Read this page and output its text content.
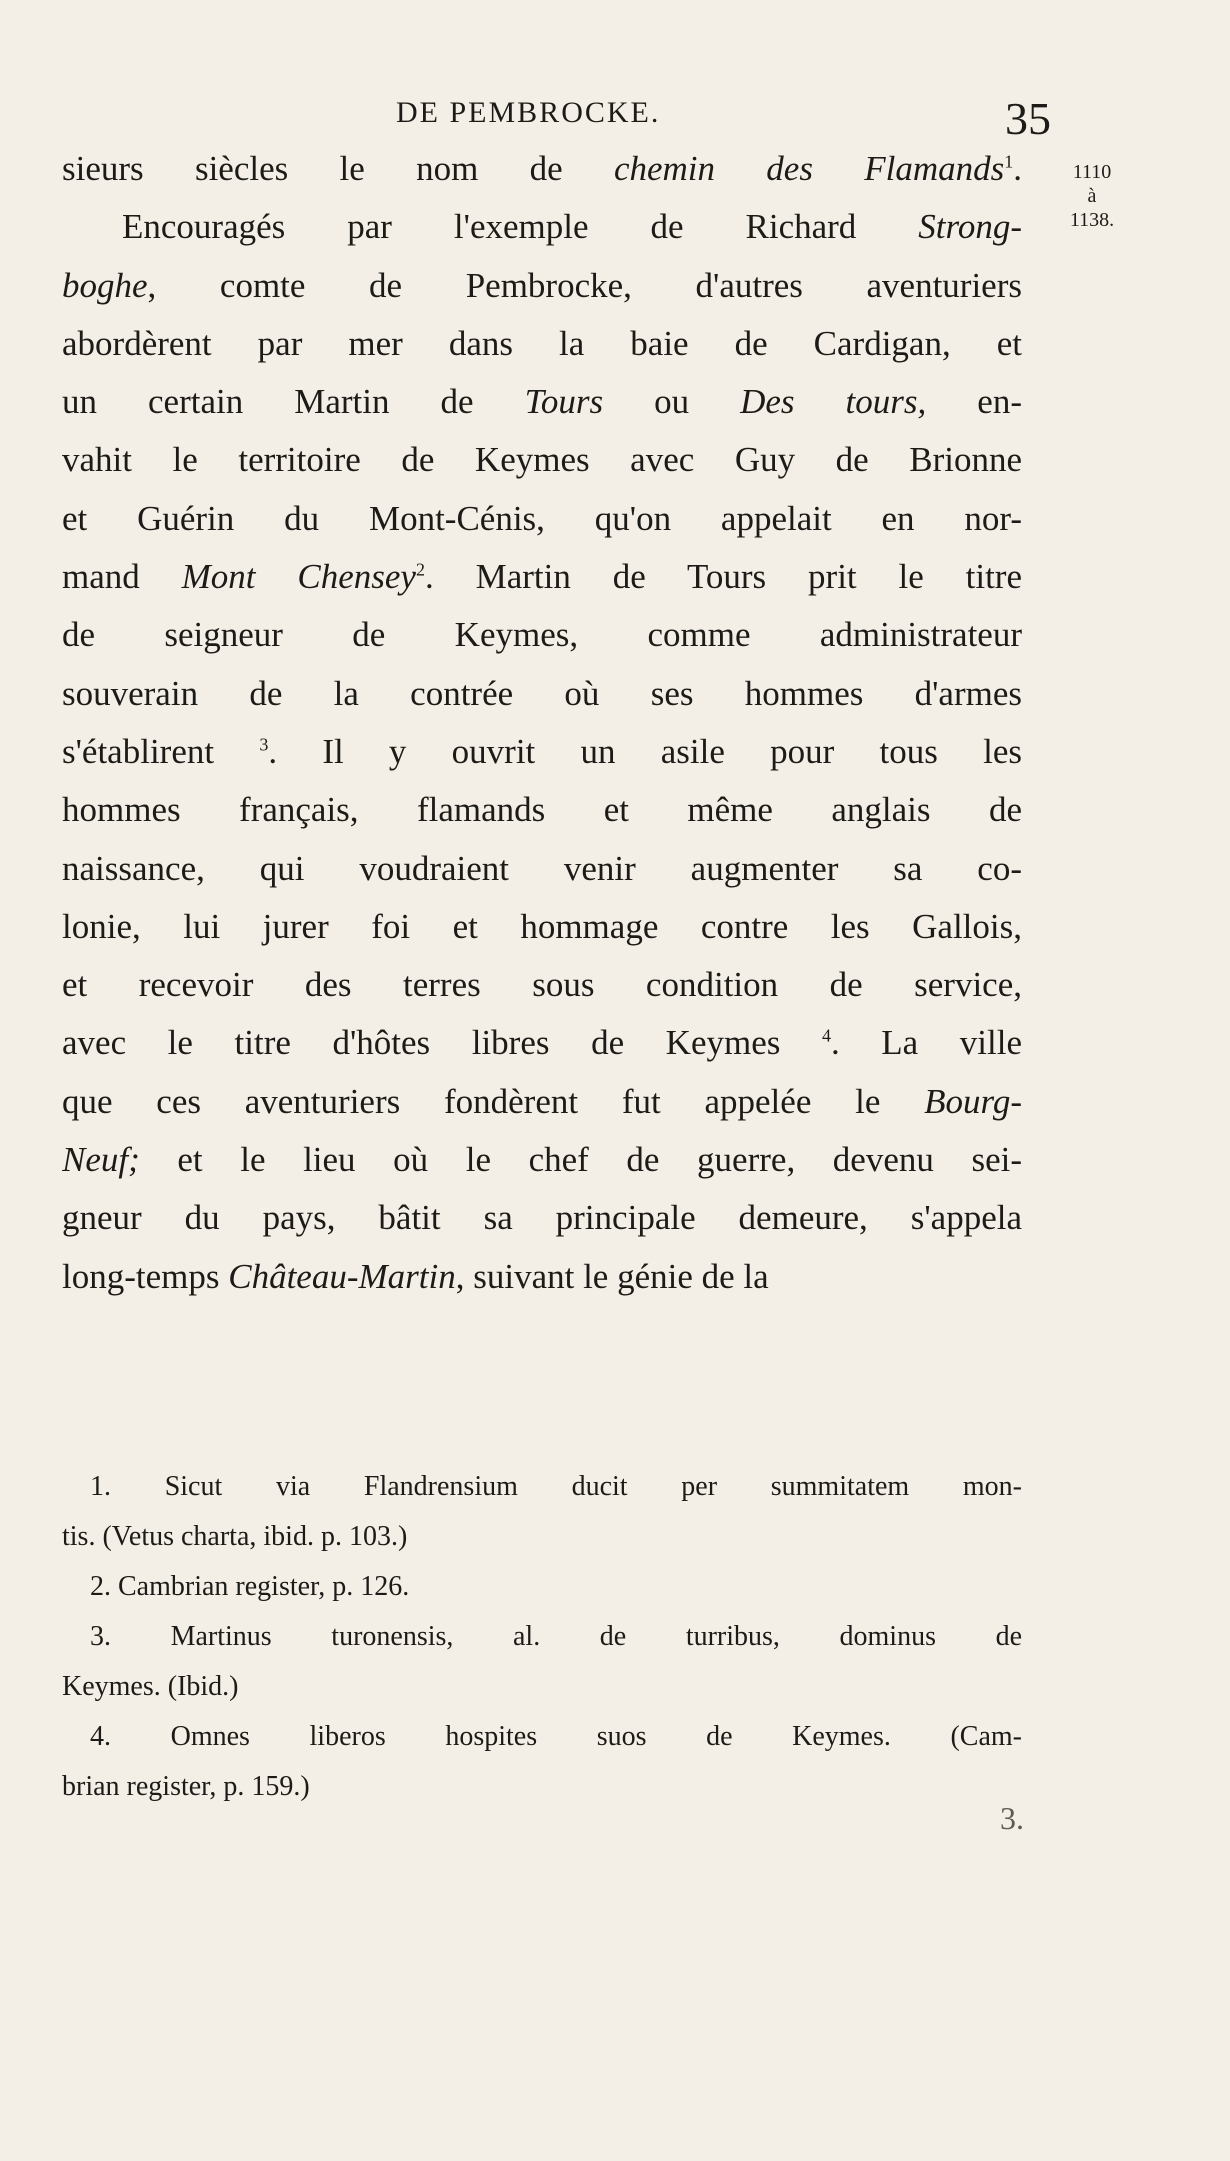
DE PEMBROCKE.	35
1110
à
1138.
sieurs siècles le nom de chemin des Flamands$^1$.
Encouragés par l'exemple de Richard Strong-
boghe, comte de Pembrocke, d'autres aventuriers
abordèrent par mer dans la baie de Cardigan, et
un certain Martin de Tours ou Des tours, en-
vahit le territoire de Keymes avec Guy de Brionne
et Guérin du Mont-Cénis, qu'on appelait en nor-
mand Mont Chensey$^2$. Martin de Tours prit le titre
de seigneur de Keymes, comme administrateur
souverain de la contrée où ses hommes d'armes
s'établirent $^3$. Il y ouvrit un asile pour tous les
hommes français, flamands et même anglais de
naissance, qui voudraient venir augmenter sa co-
lonie, lui jurer foi et hommage contre les Gallois,
et recevoir des terres sous condition de service,
avec le titre d'hôtes libres de Keymes $^4$. La ville
que ces aventuriers fondèrent fut appelée le Bourg-
Neuf; et le lieu où le chef de guerre, devenu sei-
gneur du pays, bâtit sa principale demeure, s'appela
long-temps Château-Martin, suivant le génie de la
1. Sicut via Flandrensium ducit per summitatem mon-
tis. (Vetus charta, ibid. p. 103.)
2. Cambrian register, p. 126.
3. Martinus turonensis, al. de turribus, dominus de
Keymes. (Ibid.)
4. Omnes liberos hospites suos de Keymes. (Cam-
brian register, p. 159.)
3.
